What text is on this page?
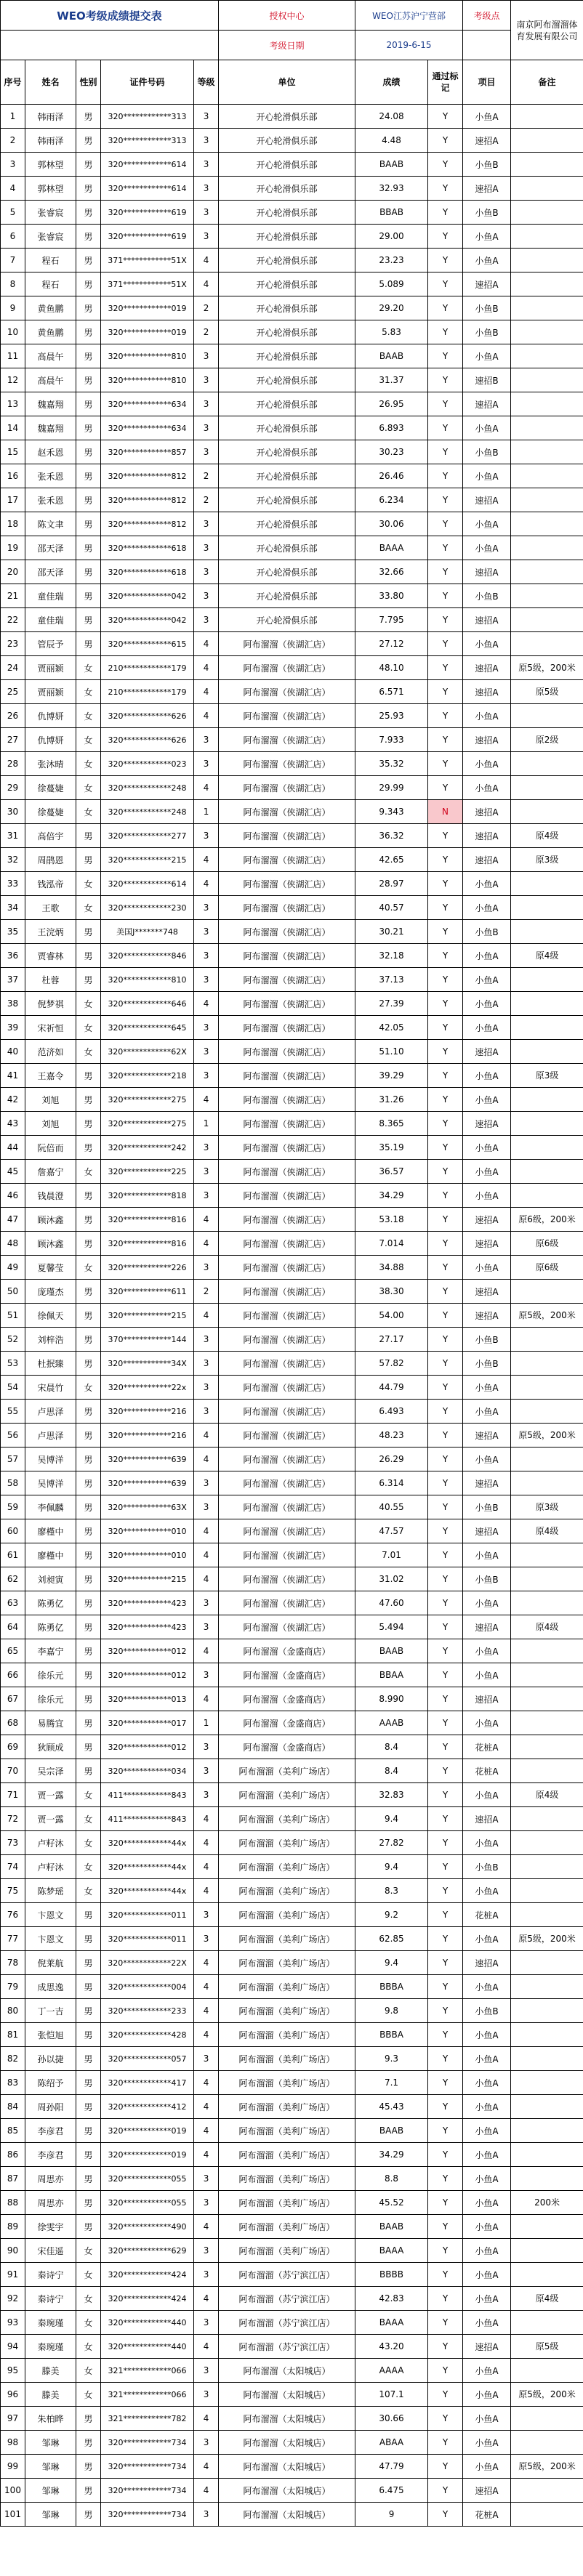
WEO考级成绩提交表					授权中心	WEO江苏沪宁营部		考级点	南京阿布溜溜体育发展有限公司
					考级日期	2019-6-15			
序号	姓名	性别	证件号码	等级	单位	成绩	通过标记	项目	备注
1	韩雨泽	男	320************313	3	开心轮滑俱乐部	24.08	Y	小鱼A	
2	韩雨泽	男	320************313	3	开心轮滑俱乐部	4.48	Y	速招A	
3	郭林望	男	320************614	3	开心轮滑俱乐部	BAAB	Y	小鱼B	
4	郭林望	男	320************614	3	开心轮滑俱乐部	32.93	Y	速招A	
5	张睿宸	男	320************619	3	开心轮滑俱乐部	BBAB	Y	小鱼B	
6	张睿宸	男	320************619	3	开心轮滑俱乐部	29.00	Y	小鱼A	
7	程石	男	371************51X	4	开心轮滑俱乐部	23.23	Y	小鱼A	
8	程石	男	371************51X	4	开心轮滑俱乐部	5.089	Y	速招A	
9	黄鱼鹏	男	320************019	2	开心轮滑俱乐部	29.20	Y	小鱼B	
10	黄鱼鹏	男	320************019	2	开心轮滑俱乐部	5.83	Y	小鱼B	
11	高晨午	男	320************810	3	开心轮滑俱乐部	BAAB	Y	小鱼A	
12	高晨午	男	320************810	3	开心轮滑俱乐部	31.37	Y	速招B	
13	魏嘉翔	男	320************634	3	开心轮滑俱乐部	26.95	Y	速招A	
14	魏嘉翔	男	320************634	3	开心轮滑俱乐部	6.893	Y	小鱼A	
15	赵禾恩	男	320************857	3	开心轮滑俱乐部	30.23	Y	小鱼B	
16	张禾恩	男	320************812	2	开心轮滑俱乐部	26.46	Y	小鱼A	
17	张禾恩	男	320************812	2	开心轮滑俱乐部	6.234	Y	速招A	
18	陈文聿	男	320************812	3	开心轮滑俱乐部	30.06	Y	小鱼A	
19	邵天泽	男	320************618	3	开心轮滑俱乐部	BAAA	Y	小鱼A	
20	邵天泽	男	320************618	3	开心轮滑俱乐部	32.66	Y	速招A	
21	童佳瑞	男	320************042	3	开心轮滑俱乐部	33.80	Y	小鱼B	
22	童佳瑞	男	320************042	3	开心轮滑俱乐部	7.795	Y	速招A	
23	管辰予	男	320************615	4	阿布溜溜（侠湖汇店）	27.12	Y	小鱼A	
24	贾丽颖	女	210************179	4	阿布溜溜（侠湖汇店）	48.10	Y	速招A	原5级，200米
25	贾丽颖	女	210************179	4	阿布溜溜（侠湖汇店）	6.571	Y	速招A	原5级
26	仇博妍	女	320************626	4	阿布溜溜（侠湖汇店）	25.93	Y	小鱼A	
27	仇博妍	女	320************626	3	阿布溜溜（侠湖汇店）	7.933	Y	速招A	原2级
28	张沐晴	女	320************023	3	阿布溜溜（侠湖汇店）	35.32	Y	小鱼A	
29	徐蔓婕	女	320************248	4	阿布溜溜（侠湖汇店）	29.99	Y	小鱼A	
30	徐蔓婕	女	320************248	1	阿布溜溜（侠湖汇店）	9.343	N	速招A	
31	高倍宇	男	320************277	3	阿布溜溜（侠湖汇店）	36.32	Y	速招A	原4级
32	周鹃恩	男	320************215	4	阿布溜溜（侠湖汇店）	42.65	Y	速招A	原3级
33	钱泓帝	女	320************614	4	阿布溜溜（侠湖汇店）	28.97	Y	小鱼A	
34	王歌	女	320************230	3	阿布溜溜（侠湖汇店）	40.57	Y	小鱼A	
35	王浣炳	男	美国J*******748	3	阿布溜溜（侠湖汇店）	30.21	Y	小鱼B	
36	贾睿林	男	320************846	3	阿布溜溜（侠湖汇店）	32.18	Y	小鱼A	原4级
37	杜蓉	男	320************810	3	阿布溜溜（侠湖汇店）	37.13	Y	小鱼A	
38	倪梦祺	女	320************646	4	阿布溜溜（侠湖汇店）	27.39	Y	小鱼A	
39	宋祈恒	女	320************645	3	阿布溜溜（侠湖汇店）	42.05	Y	小鱼A	
40	范济如	女	320************62X	3	阿布溜溜（侠湖汇店）	51.10	Y	速招A	
41	王嘉令	男	320************218	3	阿布溜溜（侠湖汇店）	39.29	Y	小鱼A	原3级
42	刘旭	男	320************275	4	阿布溜溜（侠湖汇店）	31.26	Y	小鱼A	
43	刘旭	男	320************275	1	阿布溜溜（侠湖汇店）	8.365	Y	速招A	
44	阮倍而	男	320************242	3	阿布溜溜（侠湖汇店）	35.19	Y	小鱼A	
45	詹嘉宁	女	320************225	3	阿布溜溜（侠湖汇店）	36.57	Y	小鱼A	
46	钱晨澄	男	320************818	3	阿布溜溜（侠湖汇店）	34.29	Y	小鱼A	
47	顾沐鑫	男	320************816	4	阿布溜溜（侠湖汇店）	53.18	Y	速招A	原6级，200米
48	顾沐鑫	男	320************816	4	阿布溜溜（侠湖汇店）	7.014	Y	速招A	原6级
49	夏馨莹	女	320************226	3	阿布溜溜（侠湖汇店）	34.88	Y	小鱼A	原6级
50	庞瑾杰	男	320************611	2	阿布溜溜（侠湖汇店）	38.30	Y	速招A	
51	徐佩天	男	320************215	4	阿布溜溜（侠湖汇店）	54.00	Y	速招A	原5级，200米
52	刘梓浩	男	370************144	3	阿布溜溜（侠湖汇店）	27.17	Y	小鱼B	
53	杜抿臻	男	320************34X	3	阿布溜溜（侠湖汇店）	57.82	Y	小鱼B	
54	宋晨竹	女	320************22x	3	阿布溜溜（侠湖汇店）	44.79	Y	小鱼A	
55	卢思泽	男	320************216	3	阿布溜溜（侠湖汇店）	6.493	Y	小鱼A	
56	卢思泽	男	320************216	4	阿布溜溜（侠湖汇店）	48.23	Y	速招A	原5级，200米
57	吴博洋	男	320************639	4	阿布溜溜（侠湖汇店）	26.29	Y	小鱼A	
58	吴博洋	男	320************639	3	阿布溜溜（侠湖汇店）	6.314	Y	速招A	
59	李佩麟	男	320************63X	3	阿布溜溜（侠湖汇店）	40.55	Y	小鱼B	原3级
60	廖槿中	男	320************010	4	阿布溜溜（侠湖汇店）	47.57	Y	速招A	原4级
61	廖槿中	男	320************010	4	阿布溜溜（侠湖汇店）	7.01	Y	小鱼A	
62	刘昶寅	男	320************215	4	阿布溜溜（侠湖汇店）	31.02	Y	小鱼B	
63	陈勇亿	男	320************423	3	阿布溜溜（侠湖汇店）	47.60	Y	小鱼A	
64	陈勇亿	男	320************423	3	阿布溜溜（侠湖汇店）	5.494	Y	速招A	原4级
65	李嘉宁	男	320************012	4	阿布溜溜（金盛商店）	BAAB	Y	小鱼A	
66	徐乐元	男	320************012	3	阿布溜溜（金盛商店）	BBAA	Y	小鱼A	
67	徐乐元	男	320************013	4	阿布溜溜（金盛商店）	8.990	Y	速招A	
68	易腾宜	男	320************017	1	阿布溜溜（金盛商店）	AAAB	Y	小鱼A	
69	狄顾成	男	320************012	3	阿布溜溜（金盛商店）	8.4	Y	花桩A	
70	吴宗泽	男	320************034	3	阿布溜溜（美利广场店）	8.4	Y	花桩A	
71	贾一露	女	411************843	3	阿布溜溜（美利广场店）	32.83	Y	小鱼A	原4级
72	贾一露	女	411************843	4	阿布溜溜（美利广场店）	9.4	Y	速招A	
73	卢籽沐	女	320************44x	4	阿布溜溜（美利广场店）	27.82	Y	小鱼A	
74	卢籽沐	女	320************44x	4	阿布溜溜（美利广场店）	9.4	Y	小鱼B	
75	陈梦瑶	女	320************44x	4	阿布溜溜（美利广场店）	8.3	Y	小鱼A	
76	卞恩文	男	320************011	3	阿布溜溜（美利广场店）	9.2	Y	花桩A	
77	卞恩文	男	320************011	3	阿布溜溜（美利广场店）	62.85	Y	小鱼A	原5级，200米
78	倪莱航	男	320************22X	4	阿布溜溜（美利广场店）	9.4	Y	速招A	
79	成思逸	男	320************004	4	阿布溜溜（美利广场店）	BBBA	Y	小鱼A	
80	丁一吉	男	320************233	4	阿布溜溜（美利广场店）	9.8	Y	小鱼B	
81	张恺旭	男	320************428	4	阿布溜溜（美利广场店）	BBBA	Y	小鱼A	
82	孙以捷	男	320************057	3	阿布溜溜（美利广场店）	9.3	Y	小鱼A	
83	陈绍予	男	320************417	4	阿布溜溜（美利广场店）	7.1	Y	小鱼A	
84	周孙阳	男	320************412	4	阿布溜溜（美利广场店）	45.43	Y	小鱼A	
85	李彦君	男	320************019	4	阿布溜溜（美利广场店）	BAAB	Y	小鱼A	
86	李彦君	男	320************019	4	阿布溜溜（美利广场店）	34.29	Y	小鱼A	
87	周思亦	男	320************055	3	阿布溜溜（美利广场店）	8.8	Y	小鱼A	
88	周思亦	男	320************055	3	阿布溜溜（美利广场店）	45.52	Y	小鱼A	200米
89	徐雯宇	男	320************490	4	阿布溜溜（美利广场店）	BAAB	Y	小鱼A	
90	宋佳遥	女	320************629	3	阿布溜溜（美利广场店）	BAAA	Y	小鱼A	
91	秦诗宁	女	320************424	3	阿布溜溜（苏宁滨江店）	BBBB	Y	小鱼A	
92	秦诗宁	女	320************424	4	阿布溜溜（苏宁滨江店）	42.83	Y	小鱼A	原4级
93	秦琬瑾	女	320************440	3	阿布溜溜（苏宁滨江店）	BAAA	Y	小鱼A	
94	秦琬瑾	女	320************440	4	阿布溜溜（苏宁滨江店）	43.20	Y	速招A	原5级
95	滕美	女	321************066	3	阿布溜溜（太阳城店）	AAAA	Y	小鱼A	
96	滕美	女	321************066	3	阿布溜溜（太阳城店）	107.1	Y	小鱼A	原5级，200米
97	朱柏晔	男	321************782	4	阿布溜溜（太阳城店）	30.66	Y	小鱼A	
98	邹琳	男	320************734	3	阿布溜溜（太阳城店）	ABAA	Y	小鱼A	
99	邹琳	男	320************734	4	阿布溜溜（太阳城店）	47.79	Y	小鱼A	原5级，200米
100	邹琳	男	320************734	4	阿布溜溜（太阳城店）	6.475	Y	速招A	
101	邹琳	男	320************734	3	阿布溜溜（太阳城店）	9	Y	花桩A	
